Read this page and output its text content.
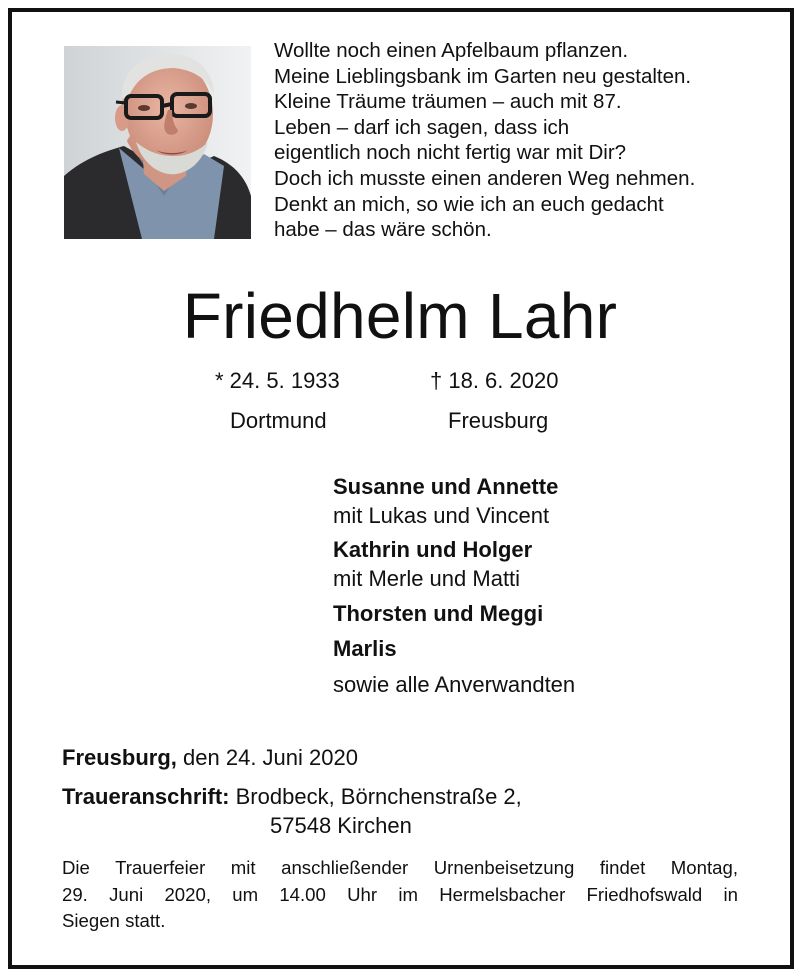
Wollte noch einen Apfelbaum pflanzen.
Meine Lieblingsbank im Garten neu gestalten.
Kleine Träume träumen – auch mit 87.
Leben – darf ich sagen, dass ich
eigentlich noch nicht fertig war mit Dir?
Doch ich musste einen anderen Weg nehmen.
Denkt an mich, so wie ich an euch gedacht
habe – das wäre schön.
Friedhelm Lahr
* 24. 5. 1933	† 18. 6. 2020
Dortmund	Freusburg
Susanne und Annette
mit Lukas und Vincent
Kathrin und Holger
mit Merle und Matti
Thorsten und Meggi
Marlis
sowie alle Anverwandten
Freusburg, den 24. Juni 2020
Traueranschrift: Brodbeck, Börnchenstraße 2,
57548 Kirchen
Die Trauerfeier mit anschließender Urnenbeisetzung findet Montag,
29. Juni 2020, um 14.00 Uhr im Hermelsbacher Friedhofswald in
Siegen statt.
